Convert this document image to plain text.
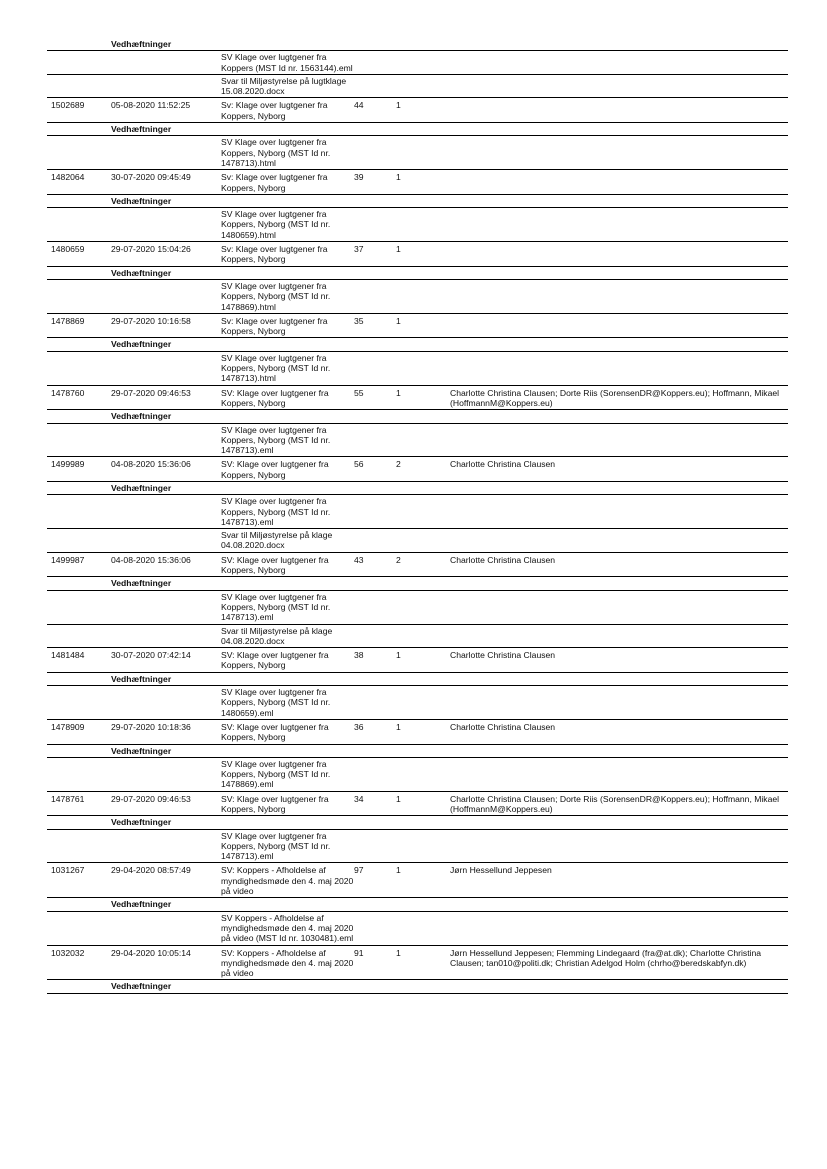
	Vedhæftninger					
		SV Klage over lugtgener fra Koppers (MST Id nr. 1563144).eml				
		Svar til Miljøstyrelse på lugtklage 15.08.2020.docx				
1502689	05-08-2020 11:52:25	Sv: Klage over lugtgener fra Koppers, Nyborg	44	1		
	Vedhæftninger					
		SV Klage over lugtgener fra Koppers, Nyborg (MST Id nr. 1478713).html				
1482064	30-07-2020 09:45:49	Sv: Klage over lugtgener fra Koppers, Nyborg	39	1		
	Vedhæftninger					
		SV Klage over lugtgener fra Koppers, Nyborg (MST Id nr. 1480659).html				
1480659	29-07-2020 15:04:26	Sv: Klage over lugtgener fra Koppers, Nyborg	37	1		
	Vedhæftninger					
		SV Klage over lugtgener fra Koppers, Nyborg (MST Id nr. 1478869).html				
1478869	29-07-2020 10:16:58	Sv: Klage over lugtgener fra Koppers, Nyborg	35	1		
	Vedhæftninger					
		SV Klage over lugtgener fra Koppers, Nyborg (MST Id nr. 1478713).html				
1478760	29-07-2020 09:46:53	SV: Klage over lugtgener fra Koppers, Nyborg	55	1	Charlotte Christina Clausen; Dorte Riis (SorensenDR@Koppers.eu); Hoffmann, Mikael (HoffmannM@Koppers.eu)	
	Vedhæftninger					
		SV Klage over lugtgener fra Koppers, Nyborg (MST Id nr. 1478713).eml				
1499989	04-08-2020 15:36:06	SV: Klage over lugtgener fra Koppers, Nyborg	56	2	Charlotte Christina Clausen	
	Vedhæftninger					
		SV Klage over lugtgener fra Koppers, Nyborg (MST Id nr. 1478713).eml				
		Svar til Miljøstyrelse på klage 04.08.2020.docx				
1499987	04-08-2020 15:36:06	SV: Klage over lugtgener fra Koppers, Nyborg	43	2	Charlotte Christina Clausen	
	Vedhæftninger					
		SV Klage over lugtgener fra Koppers, Nyborg (MST Id nr. 1478713).eml				
		Svar til Miljøstyrelse på klage 04.08.2020.docx				
1481484	30-07-2020 07:42:14	SV: Klage over lugtgener fra Koppers, Nyborg	38	1	Charlotte Christina Clausen	
	Vedhæftninger					
		SV Klage over lugtgener fra Koppers, Nyborg (MST Id nr. 1480659).eml				
1478909	29-07-2020 10:18:36	SV: Klage over lugtgener fra Koppers, Nyborg	36	1	Charlotte Christina Clausen	
	Vedhæftninger					
		SV Klage over lugtgener fra Koppers, Nyborg (MST Id nr. 1478869).eml				
1478761	29-07-2020 09:46:53	SV: Klage over lugtgener fra Koppers, Nyborg	34	1	Charlotte Christina Clausen; Dorte Riis (SorensenDR@Koppers.eu); Hoffmann, Mikael (HoffmannM@Koppers.eu)	
	Vedhæftninger					
		SV Klage over lugtgener fra Koppers, Nyborg (MST Id nr. 1478713).eml				
1031267	29-04-2020 08:57:49	SV: Koppers - Afholdelse af myndighedsmøde den 4. maj 2020 på video	97	1	Jørn Hessellund Jeppesen	
	Vedhæftninger					
		SV Koppers - Afholdelse af myndighedsmøde den 4. maj 2020 på video (MST Id nr. 1030481).eml				
1032032	29-04-2020 10:05:14	SV: Koppers - Afholdelse af myndighedsmøde den 4. maj 2020 på video	91	1	Jørn Hessellund Jeppesen; Flemming Lindegaard (fra@at.dk); Charlotte Christina Clausen; tan010@politi.dk; Christian Adelgod Holm (chrho@beredskabfyn.dk)	
	Vedhæftninger					
